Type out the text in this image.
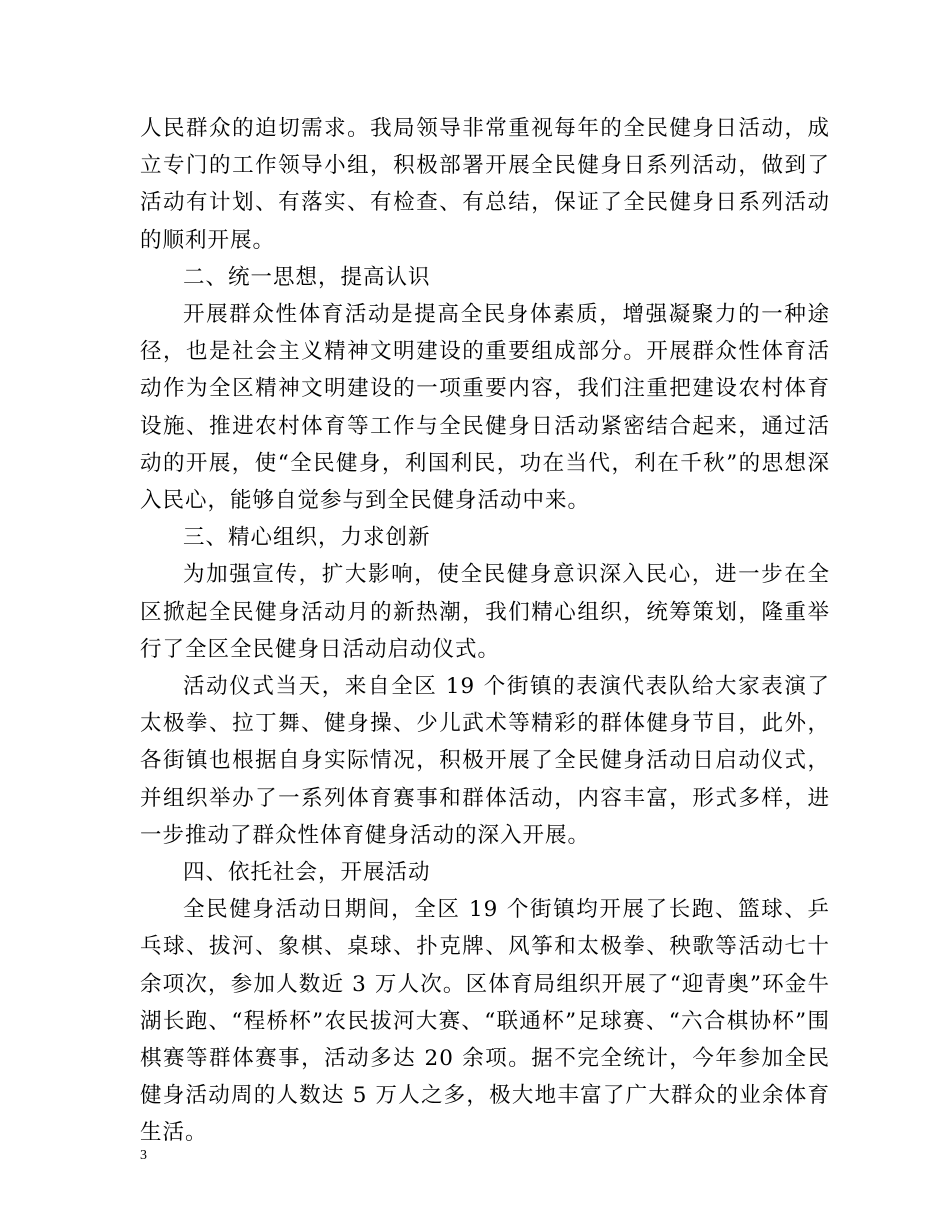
人民群众的迫切需求。我局领导非常重视每年的全民健身日活动，成立专门的工作领导小组，积极部署开展全民健身日系列活动，做到了活动有计划、有落实、有检查、有总结，保证了全民健身日系列活动的顺利开展。

二、统一思想，提高认识

开展群众性体育活动是提高全民身体素质，增强凝聚力的一种途径，也是社会主义精神文明建设的重要组成部分。开展群众性体育活动作为全区精神文明建设的一项重要内容，我们注重把建设农村体育设施、推进农村体育等工作与全民健身日活动紧密结合起来，通过活动的开展，使“全民健身，利国利民，功在当代，利在千秋”的思想深入民心，能够自觉参与到全民健身活动中来。

三、精心组织，力求创新

为加强宣传，扩大影响，使全民健身意识深入民心，进一步在全区掀起全民健身活动月的新热潮，我们精心组织，统筹策划，隆重举行了全区全民健身日活动启动仪式。

活动仪式当天，来自全区 19 个街镇的表演代表队给大家表演了太极拳、拉丁舞、健身操、少儿武术等精彩的群体健身节目，此外，各街镇也根据自身实际情况，积极开展了全民健身活动日启动仪式，并组织举办了一系列体育赛事和群体活动，内容丰富，形式多样，进一步推动了群众性体育健身活动的深入开展。

四、依托社会，开展活动

全民健身活动日期间，全区 19 个街镇均开展了长跑、篮球、乒乓球、拔河、象棋、桌球、扑克牌、风筝和太极拳、秧歌等活动七十余项次，参加人数近 3 万人次。区体育局组织开展了“迎青奥”环金牛湖长跑、“程桥杯”农民拔河大赛、“联通杯”足球赛、“六合棋协杯”围棋赛等群体赛事，活动多达 20 余项。据不完全统计，今年参加全民健身活动周的人数达 5 万人之多，极大地丰富了广大群众的业余体育生活。

3
